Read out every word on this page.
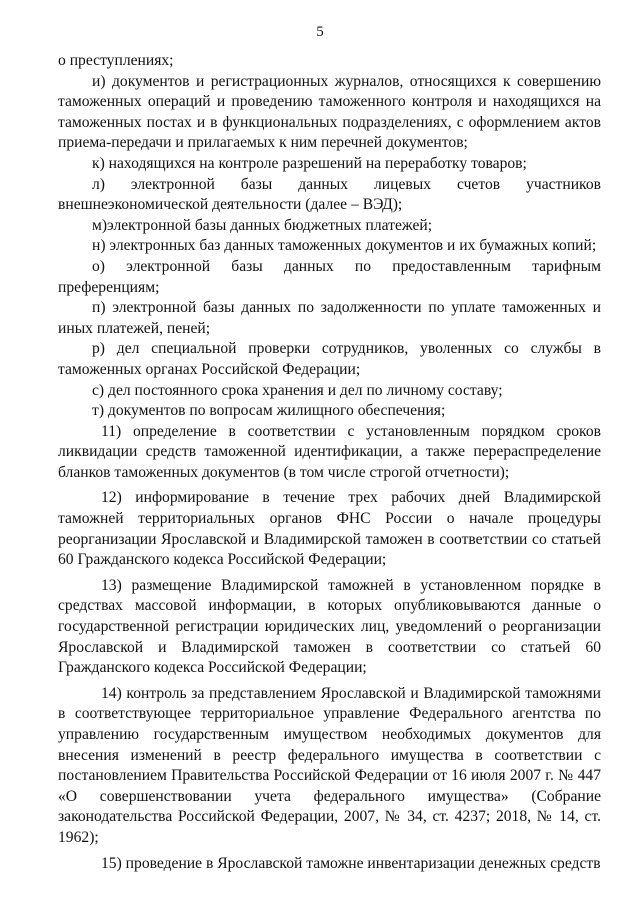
5

о преступлениях;

и) документов и регистрационных журналов, относящихся к совершению таможенных операций и проведению таможенного контроля и находящихся на таможенных постах и в функциональных подразделениях, с оформлением актов приема-передачи и прилагаемых к ним перечней документов;

к) находящихся на контроле разрешений на переработку товаров;

л) электронной базы данных лицевых счетов участников внешнеэкономической деятельности (далее – ВЭД);

м)электронной базы данных бюджетных платежей;

н) электронных баз данных таможенных документов и их бумажных копий;

о) электронной базы данных по предоставленным тарифным преференциям;

п) электронной базы данных по задолженности по уплате таможенных и иных платежей, пеней;

р) дел специальной проверки сотрудников, уволенных со службы в таможенных органах Российской Федерации;

с) дел постоянного срока хранения и дел по личному составу;

т) документов по вопросам жилищного обеспечения;

11) определение в соответствии с установленным порядком сроков ликвидации средств таможенной идентификации, а также перераспределение бланков таможенных документов (в том числе строгой отчетности);

12) информирование в течение трех рабочих дней Владимирской таможней территориальных органов ФНС России о начале процедуры реорганизации Ярославской и Владимирской таможен в соответствии со статьей 60 Гражданского кодекса Российской Федерации;

13) размещение Владимирской таможней в установленном порядке в средствах массовой информации, в которых опубликовываются данные о государственной регистрации юридических лиц, уведомлений о реорганизации Ярославской и Владимирской таможен в соответствии со статьей 60 Гражданского кодекса Российской Федерации;

14) контроль за представлением Ярославской и Владимирской таможнями в соответствующее территориальное управление Федерального агентства по управлению государственным имуществом необходимых документов для внесения изменений в реестр федерального имущества в соответствии с постановлением Правительства Российской Федерации от 16 июля 2007 г. № 447 «О совершенствовании учета федерального имущества» (Собрание законодательства Российской Федерации, 2007, № 34, ст. 4237; 2018, № 14, ст. 1962);

15) проведение в Ярославской таможне инвентаризации денежных средств
